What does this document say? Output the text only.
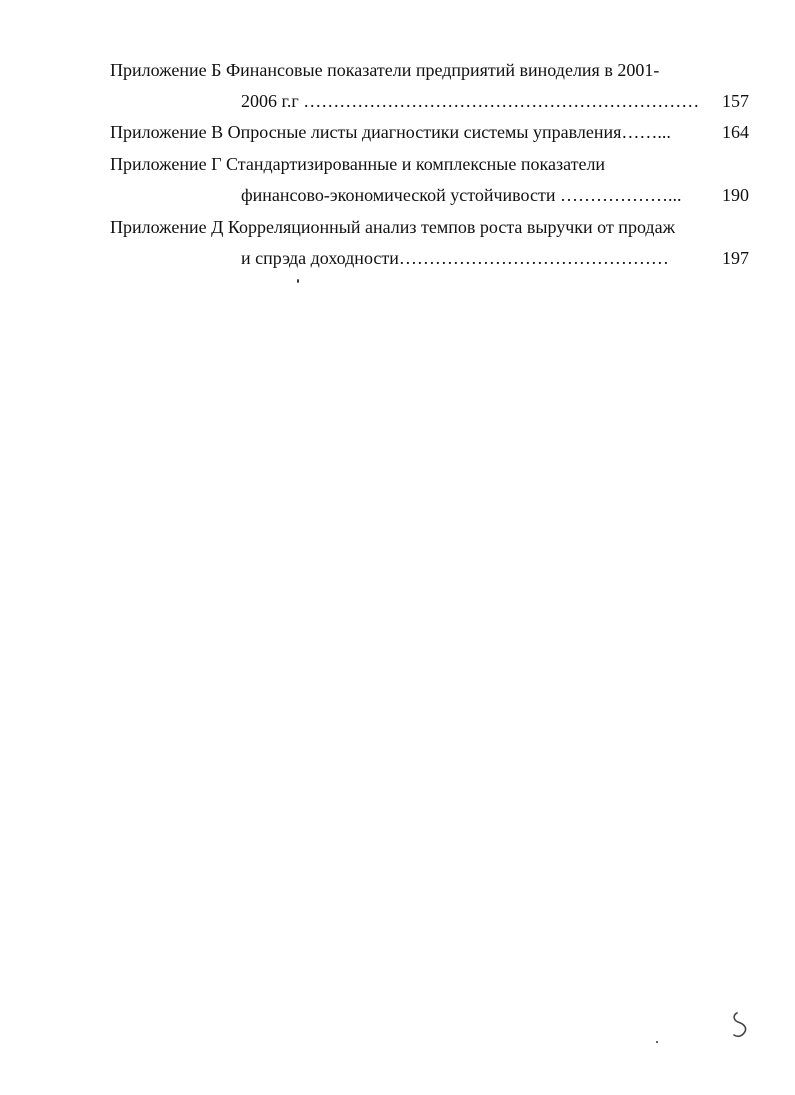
Приложение Б Финансовые показатели предприятий виноделия в 2001-
2006 г.г …………………………………………………………	157
Приложение В Опросные листы диагностики системы управления……...	164
Приложение Г Стандартизированные и комплексные показатели
финансово-экономической устойчивости ………………...	190
Приложение Д Корреляционный анализ темпов роста выручки от продаж
и спрэда доходности………………………………………	197
